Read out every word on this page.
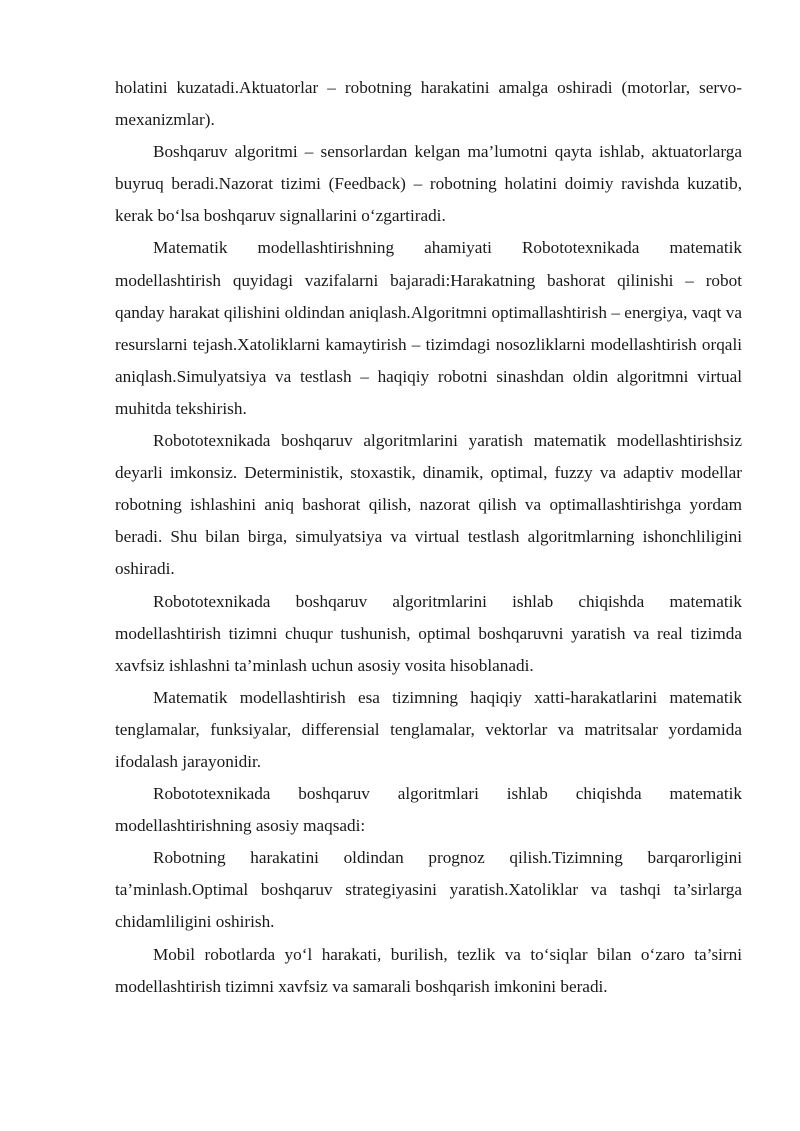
holatini kuzatadi.Aktuatorlar – robotning harakatini amalga oshiradi (motorlar, servo-mexanizmlar).

Boshqaruv algoritmi – sensorlardan kelgan ma’lumotni qayta ishlab, aktuatorlarga buyruq beradi.Nazorat tizimi (Feedback) – robotning holatini doimiy ravishda kuzatib, kerak bo‘lsa boshqaruv signallarini o‘zgartiradi.

Matematik modellashtirishning ahamiyati Robototexnikada matematik modellashtirish quyidagi vazifalarni bajaradi:Harakatning bashorat qilinishi – robot qanday harakat qilishini oldindan aniqlash.Algoritmni optimallashtirish – energiya, vaqt va resurslarni tejash.Xatoliklarni kamaytirish – tizimdagi nosozliklarni modellashtirish orqali aniqlash.Simulyatsiya va testlash – haqiqiy robotni sinashdan oldin algoritmni virtual muhitda tekshirish.

Robototexnikada boshqaruv algoritmlarini yaratish matematik modellashtirishsiz deyarli imkonsiz. Deterministik, stoxastik, dinamik, optimal, fuzzy va adaptiv modellar robotning ishlashini aniq bashorat qilish, nazorat qilish va optimallashtirishga yordam beradi. Shu bilan birga, simulyatsiya va virtual testlash algoritmlarning ishonchliligini oshiradi.

Robototexnikada boshqaruv algoritmlarini ishlab chiqishda matematik modellashtirish tizimni chuqur tushunish, optimal boshqaruvni yaratish va real tizimda xavfsiz ishlashni ta’minlash uchun asosiy vosita hisoblanadi.

Matematik modellashtirish esa tizimning haqiqiy xatti-harakatlarini matematik tenglamalar, funksiyalar, differensial tenglamalar, vektorlar va matritsalar yordamida ifodalash jarayonidir.

Robototexnikada boshqaruv algoritmlari ishlab chiqishda matematik modellashtirishning asosiy maqsadi:

Robotning harakatini oldindan prognoz qilish.Tizimning barqarorligini ta’minlash.Optimal boshqaruv strategiyasini yaratish.Xatoliklar va tashqi ta’sirlarga chidamliligini oshirish.

Mobil robotlarda yo‘l harakati, burilish, tezlik va to‘siqlar bilan o‘zaro ta’sirni modellashtirish tizimni xavfsiz va samarali boshqarish imkonini beradi.
